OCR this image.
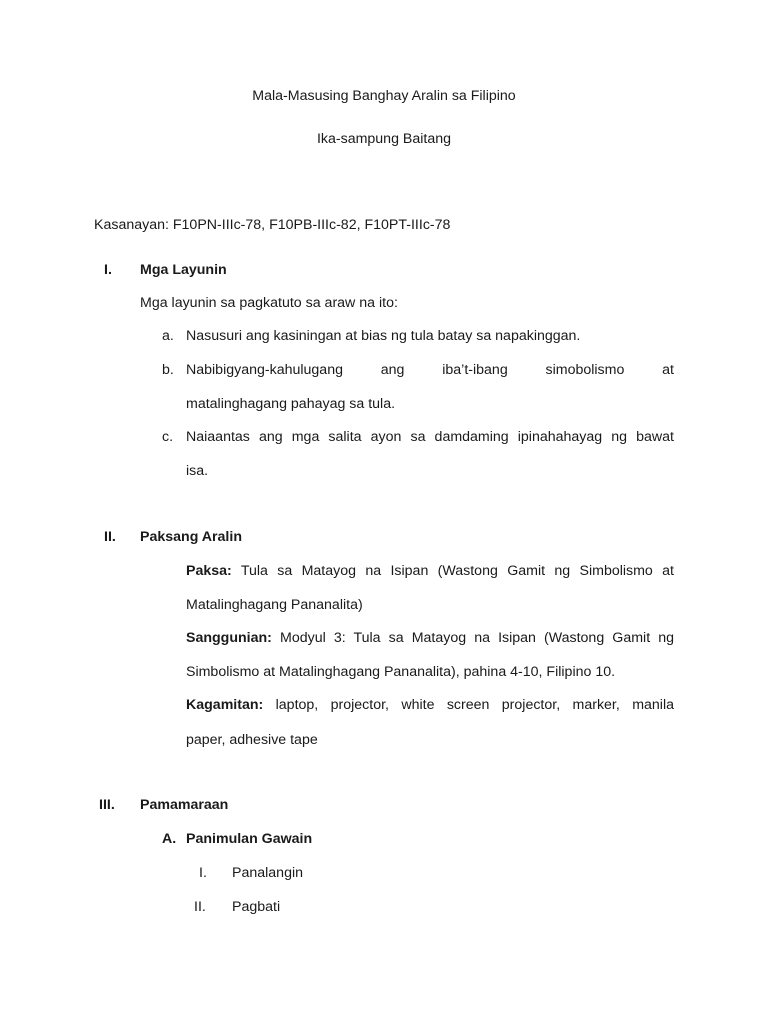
Mala-Masusing Banghay Aralin sa Filipino
Ika-sampung Baitang
Kasanayan: F10PN-IIIc-78, F10PB-IIIc-82, F10PT-IIIc-78
I. Mga Layunin
Mga layunin sa pagkatuto sa araw na ito:
a. Nasusuri ang kasiningan at bias ng tula batay sa napakinggan.
b. Nabibigyang-kahulugang ang iba’t-ibang simobolismo at
matalinghagang pahayag sa tula.
c. Naiaantas ang mga salita ayon sa damdaming ipinahahayag ng bawat
isa.
II. Paksang Aralin
Paksa: Tula sa Matayog na Isipan (Wastong Gamit ng Simbolismo at
Matalinghagang Pananalita)
Sanggunian: Modyul 3: Tula sa Matayog na Isipan (Wastong Gamit ng
Simbolismo at Matalinghagang Pananalita), pahina 4-10, Filipino 10.
Kagamitan: laptop, projector, white screen projector, marker, manila
paper, adhesive tape
III. Pamamaraan
A. Panimulan Gawain
I. Panalangin
II. Pagbati
